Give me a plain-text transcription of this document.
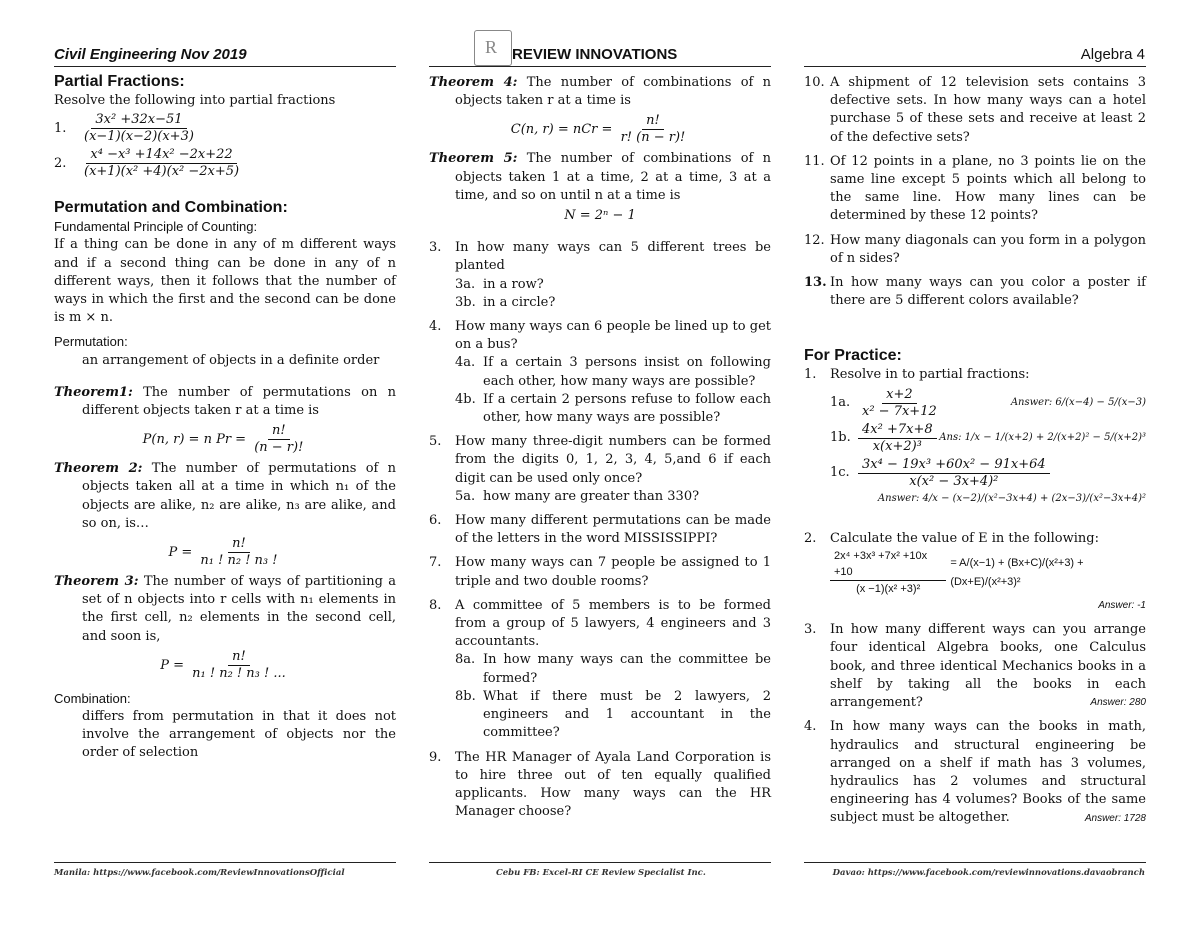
Civil Engineering Nov 2019	R REVIEW INNOVATIONS	Algebra 4

Partial Fractions:

Resolve the following into partial fractions

1.	$\frac{\text{3x² +32x−51}}{(x-1)(x-2)(x+3)}$
2.	$\frac{\text{x⁴ −x³ +14x² −2x+22}}{\text{(x+1)(x² +4)(x² −2x+5)}}$

Permutation and Combination:

Fundamental Principle of Counting:

If a thing can be done in any of m different ways and if a second thing can be done in any of n different ways, then it follows that the number of ways in which the first and the second can be done is m × n.

Permutation:

an arrangement of objects in a definite order

Theorem1: The number of permutations on n different objects taken r at a time is

P(n, r) = n $Pr = \frac{n!}{(n - r)!}$

Theorem 2: The number of permutations of n objects taken all at a time in which n₁ of the objects are alike, n₂ are alike, n₃ are alike, and so on, is…

$P = \frac{n!}{\text{n₁ ! n₂ ! n₃ !}}$

Theorem 3: The number of ways of partitioning a set of n objects into r cells with n₁ elements in the first cell, n₂ elements in the second cell, and soon is,

$P = \frac{n!}{\text{n₁ ! n₂ ! n₃ ! ...}}$

Combination:

differs from permutation in that it does not involve the arrangement of objects nor the order of selection

Theorem 4: The number of combinations of n objects taken r at a time is

C(n, r) = nCr = $\frac{n!}{r! (n - r)!}$

Theorem 5: The number of combinations of n objects taken 1 at a time, 2 at a time, 3 at a time, and so on until n at a time is

N = 2ⁿ − 1
3.	In how many ways can 5 different trees be planted
3a. in a row?
3b. in a circle?
4.	How many ways can 6 people be lined up to get on a bus?
4a. If a certain 3 persons insist on following each other, how many ways are possible?
4b. If a certain 2 persons refuse to follow each other, how many ways are possible?
5.	How many three-digit numbers can be formed from the digits 0, 1, 2, 3, 4, 5,and 6 if each digit can be used only once?
5a. how many are greater than 330?
6.	How many different permutations can be made of the letters in the word MISSISSIPPI?
7.	How many ways can 7 people be assigned to 1 triple and two double rooms?
8.	A committee of 5 members is to be formed from a group of 5 lawyers, 4 engineers and 3 accountants.
8a. In how many ways can the committee be formed?
8b. What if there must be 2 lawyers, 2 engineers and 1 accountant in the committee?
9.	The HR Manager of Ayala Land Corporation is to hire three out of ten equally qualified applicants. How many ways can the HR Manager choose?
10. A shipment of 12 television sets contains 3 defective sets. In how many ways can a hotel purchase 5 of these sets and receive at least 2 of the defective sets?
11. Of 12 points in a plane, no 3 points lie on the same line except 5 points which all belong to the same line. How many lines can be determined by these 12 points?
12. How many diagonals can you form in a polygon of n sides?
13. In how many ways can you color a poster if there are 5 different colors available?

For Practice:

1.	Resolve in to partial fractions:
1a. $\frac{x+2}{\text{x² − 7x+12}}$	Answer: 6/(x−4) − 5/(x−3)
1b. $\frac{\text{4x² +7x+8}}{\text{x(x+2)³}}$ Ans: 1/x − 1/(x+2) + 2/(x+2)² − 5/(x+2)³
1c. $\frac{\text{3x⁴ − 19x³ +60x² − 91x+64}}{\text{x(x² − 3x+4)²}}$
Answer: 4/x − (x−2)/(x²−3x+4) + (2x−3)/(x²−3x+4)²
2.	Calculate the value of E in the following:
$\frac{\text{2x⁴ +3x³ +7x² +10x +10}}{\text{(x −1)(x² +3)²}} = A/(x-1) + (Bx+C)/(x^2+3) + (Dx+E)/(x^2+3)^2$
Answer: -1
3.	In how many different ways can you arrange four identical Algebra books, one Calculus book, and three identical Mechanics books in a shelf by taking all the books in each arrangement?	Answer: 280
4.	In how many ways can the books in math, hydraulics and structural engineering be arranged on a shelf if math has 3 volumes, hydraulics has 2 volumes and structural engineering has 4 volumes? Books of the same subject must be altogether.	Answer: 1728
Manila: https://www.facebook.com/ReviewInnovationsOfficial	Cebu FB: Excel-RI CE Review Specialist Inc.	Davao: https://www.facebook.com/reviewinnovations.davaobranch
